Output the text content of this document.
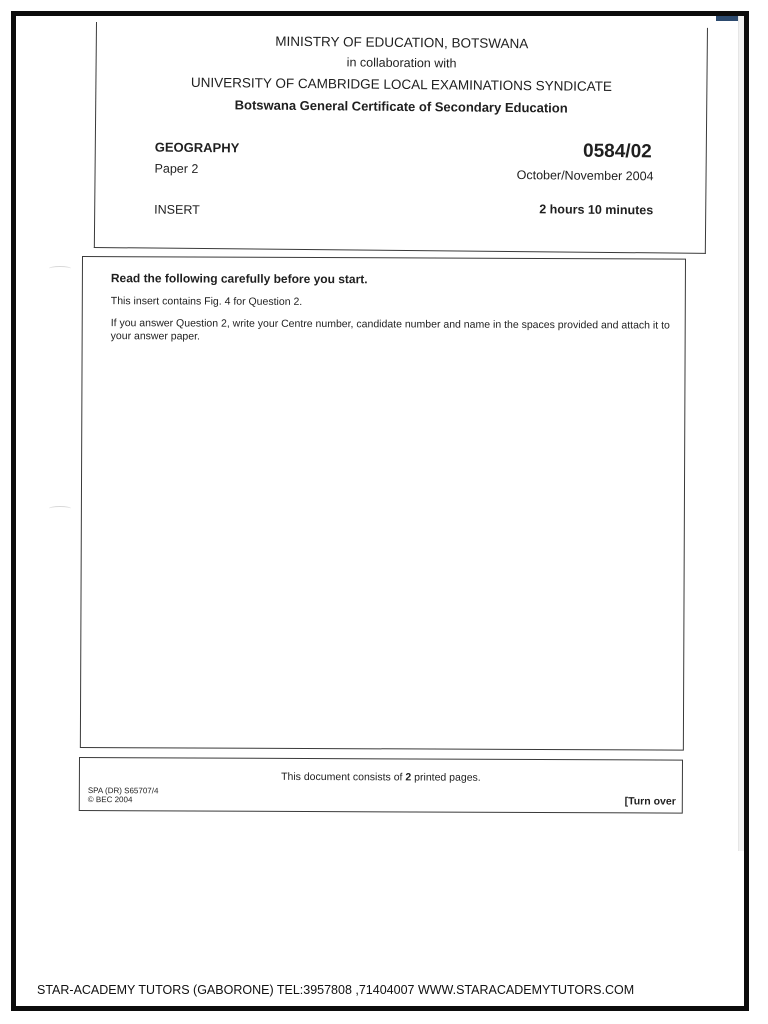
MINISTRY OF EDUCATION, BOTSWANA
in collaboration with
UNIVERSITY OF CAMBRIDGE LOCAL EXAMINATIONS SYNDICATE
Botswana General Certificate of Secondary Education
GEOGRAPHY
Paper 2
INSERT
0584/02
October/November 2004
2 hours 10 minutes
Read the following carefully before you start.
This insert contains Fig. 4 for Question 2.
If you answer Question 2, write your Centre number, candidate number and name in the spaces provided and attach it to your answer paper.
This document consists of 2 printed pages.
SPA (DR) S65707/4
© BEC 2004	[Turn over
STAR-ACADEMY TUTORS (GABORONE) TEL:3957808 ,71404007 WWW.STARACADEMYTUTORS.COM
